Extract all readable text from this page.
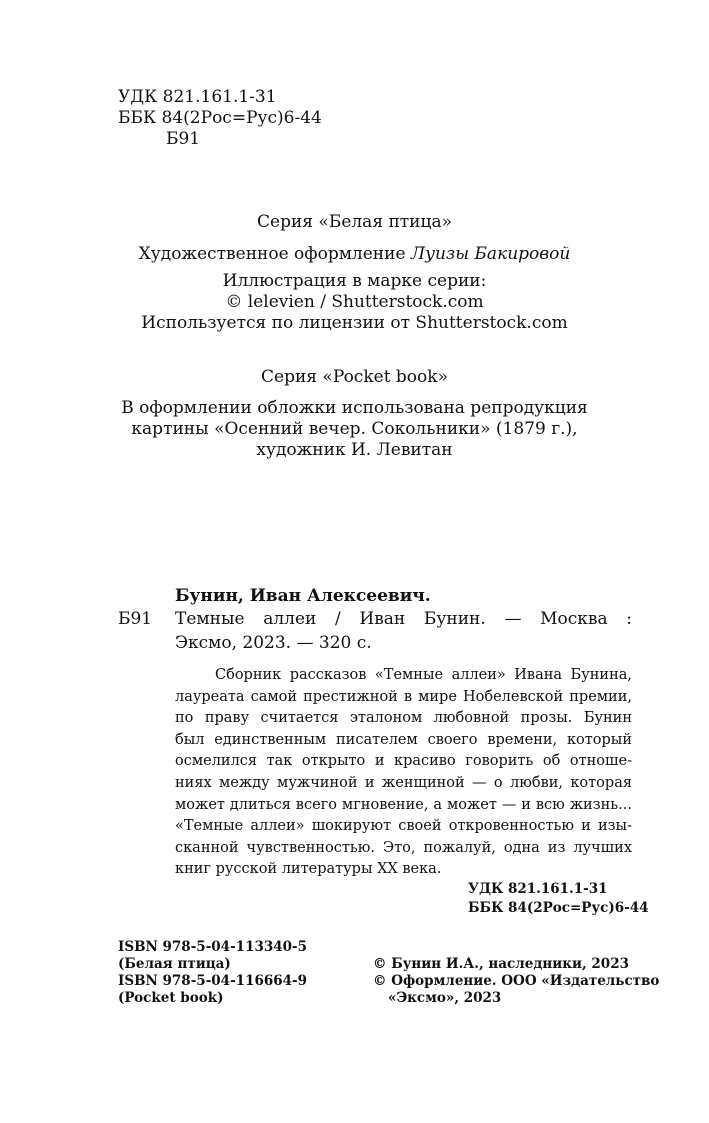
УДК 821.161.1-31
ББК 84(2Рос=Рус)6-44
Б91
Серия «Белая птица»
Художественное оформление Луизы Бакировой
Иллюстрация в марке серии:
© lelevien / Shutterstock.com
Используется по лицензии от Shutterstock.com
Серия «Pocket book»
В оформлении обложки использована репродукция
картины «Осенний вечер. Сокольники» (1879 г.),
художник И. Левитан
Бунин, Иван Алексеевич.
Б91 Темные аллеи / Иван Бунин. — Москва :
Эксмо, 2023. — 320 с.
Сборник рассказов «Темные аллеи» Ивана Бунина,
лауреата самой престижной в мире Нобелевской премии,
по праву считается эталоном любовной прозы. Бунин
был единственным писателем своего времени, который
осмелился так открыто и красиво говорить об отноше-
ниях между мужчиной и женщиной — о любви, которая
может длиться всего мгновение, а может — и всю жизнь...
«Темные аллеи» шокируют своей откровенностью и изы-
сканной чувственностью. Это, пожалуй, одна из лучших
книг русской литературы XX века.
УДК 821.161.1-31
ББК 84(2Рос=Рус)6-44
ISBN 978-5-04-113340-5
(Белая птица)
ISBN 978-5-04-116664-9
(Pocket book)
© Бунин И.А., наследники, 2023
© Оформление. ООО «Издательство
«Эксмо», 2023
